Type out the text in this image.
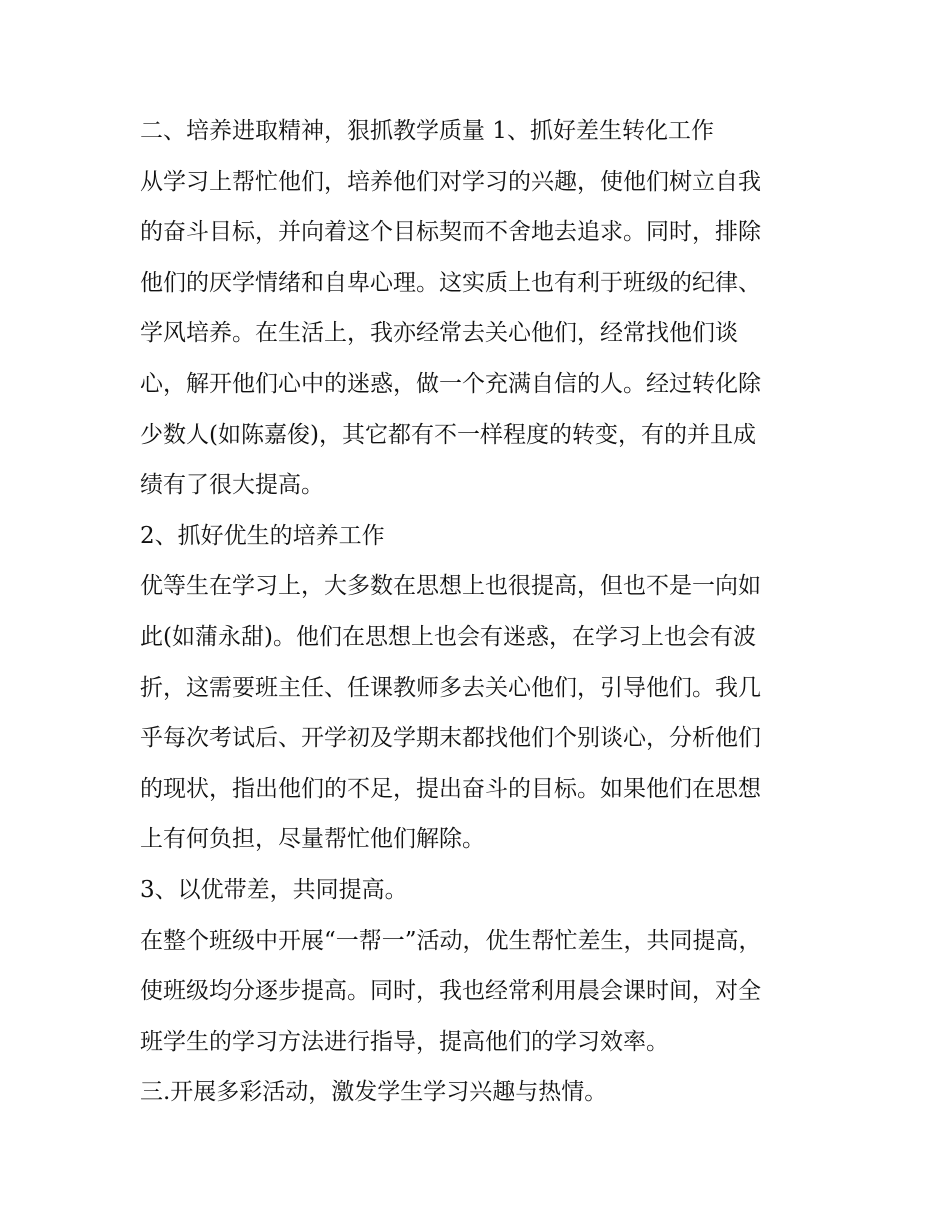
二、培养进取精神，狠抓教学质量 1、抓好差生转化工作
从学习上帮忙他们，培养他们对学习的兴趣，使他们树立自我
的奋斗目标，并向着这个目标契而不舍地去追求。同时，排除
他们的厌学情绪和自卑心理。这实质上也有利于班级的纪律、
学风培养。在生活上，我亦经常去关心他们，经常找他们谈
心，解开他们心中的迷惑，做一个充满自信的人。经过转化除
少数人(如陈嘉俊)，其它都有不一样程度的转变，有的并且成
绩有了很大提高。
2、抓好优生的培养工作
优等生在学习上，大多数在思想上也很提高，但也不是一向如
此(如蒲永甜)。他们在思想上也会有迷惑，在学习上也会有波
折，这需要班主任、任课教师多去关心他们，引导他们。我几
乎每次考试后、开学初及学期末都找他们个别谈心，分析他们
的现状，指出他们的不足，提出奋斗的目标。如果他们在思想
上有何负担，尽量帮忙他们解除。
3、以优带差，共同提高。
在整个班级中开展“一帮一”活动，优生帮忙差生，共同提高，
使班级均分逐步提高。同时，我也经常利用晨会课时间，对全
班学生的学习方法进行指导，提高他们的学习效率。
三.开展多彩活动，激发学生学习兴趣与热情。
